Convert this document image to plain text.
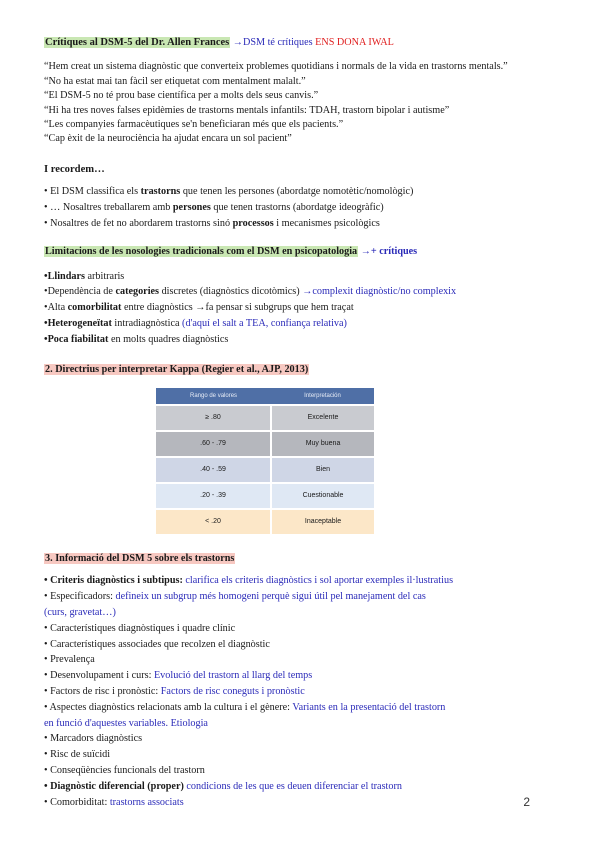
Crítiques al DSM-5 del Dr. Allen Frances →DSM té crítiques ENS DONA IWAL

“Hem creat un sistema diagnòstic que converteix problemes quotidians i normals de la vida en trastorns mentals.”

“No ha estat mai tan fàcil ser etiquetat com mentalment malalt.”

“El DSM-5 no té prou base científica per a molts dels seus canvis.”

“Hi ha tres noves falses epidèmies de trastorns mentals infantils: TDAH, trastorn bipolar i autisme”

“Les companyies farmacèutiques se'n beneficiaran més que els pacients.”

“Cap èxit de la neurociència ha ajudat encara un sol pacient”

I recordem…

• El DSM classifica els trastorns que tenen les persones (abordatge nomotètic/nomològic)

• … Nosaltres treballarem amb persones que tenen trastorns (abordatge ideogràfic)

• Nosaltres de fet no abordarem trastorns sinó processos i mecanismes psicològics

Limitacions de les nosologies tradicionals com el DSM en psicopatologia →+ crítiques

•Llindars arbitraris

•Dependència de categories discretes (diagnòstics dicotòmics) →complexit diagnòstic/no complexix

•Alta comorbilitat entre diagnòstics →fa pensar si subgrups que hem traçat

•Heterogeneïtat intradiagnòstica (d'aquí el salt a TEA, confiança relativa)

•Poca fiabilitat en molts quadres diagnòstics

2. Directrius per interpretar Kappa (Regier et al., AJP, 2013)

Rango de valores	Interpretación
≥ .80	Excelente
.60 - .79	Muy buena
.40 - .59	Bien
.20 - .39	Cuestionable
< .20	Inaceptable

3. Informació del DSM 5 sobre els trastorns

• Criteris diagnòstics i subtipus: clarifica els criteris diagnòstics i sol aportar exemples il·lustratius

• Especificadors: defineix un subgrup més homogeni perquè sigui útil pel manejament del cas

(curs, gravetat…)

• Característiques diagnòstiques i quadre clínic

• Característiques associades que recolzen el diagnòstic

• Prevalença

• Desenvolupament i curs: Evolució del trastorn al llarg del temps

• Factors de risc i pronòstic: Factors de risc coneguts i pronòstic

• Aspectes diagnòstics relacionats amb la cultura i el gènere: Variants en la presentació del trastorn

en funció d'aquestes variables. Etiologia

• Marcadors diagnòstics

• Risc de suïcidi

• Conseqüències funcionals del trastorn

• Diagnòstic diferencial (proper) condicions de les que es deuen diferenciar el trastorn

• Comorbiditat: trastorns associats	2
